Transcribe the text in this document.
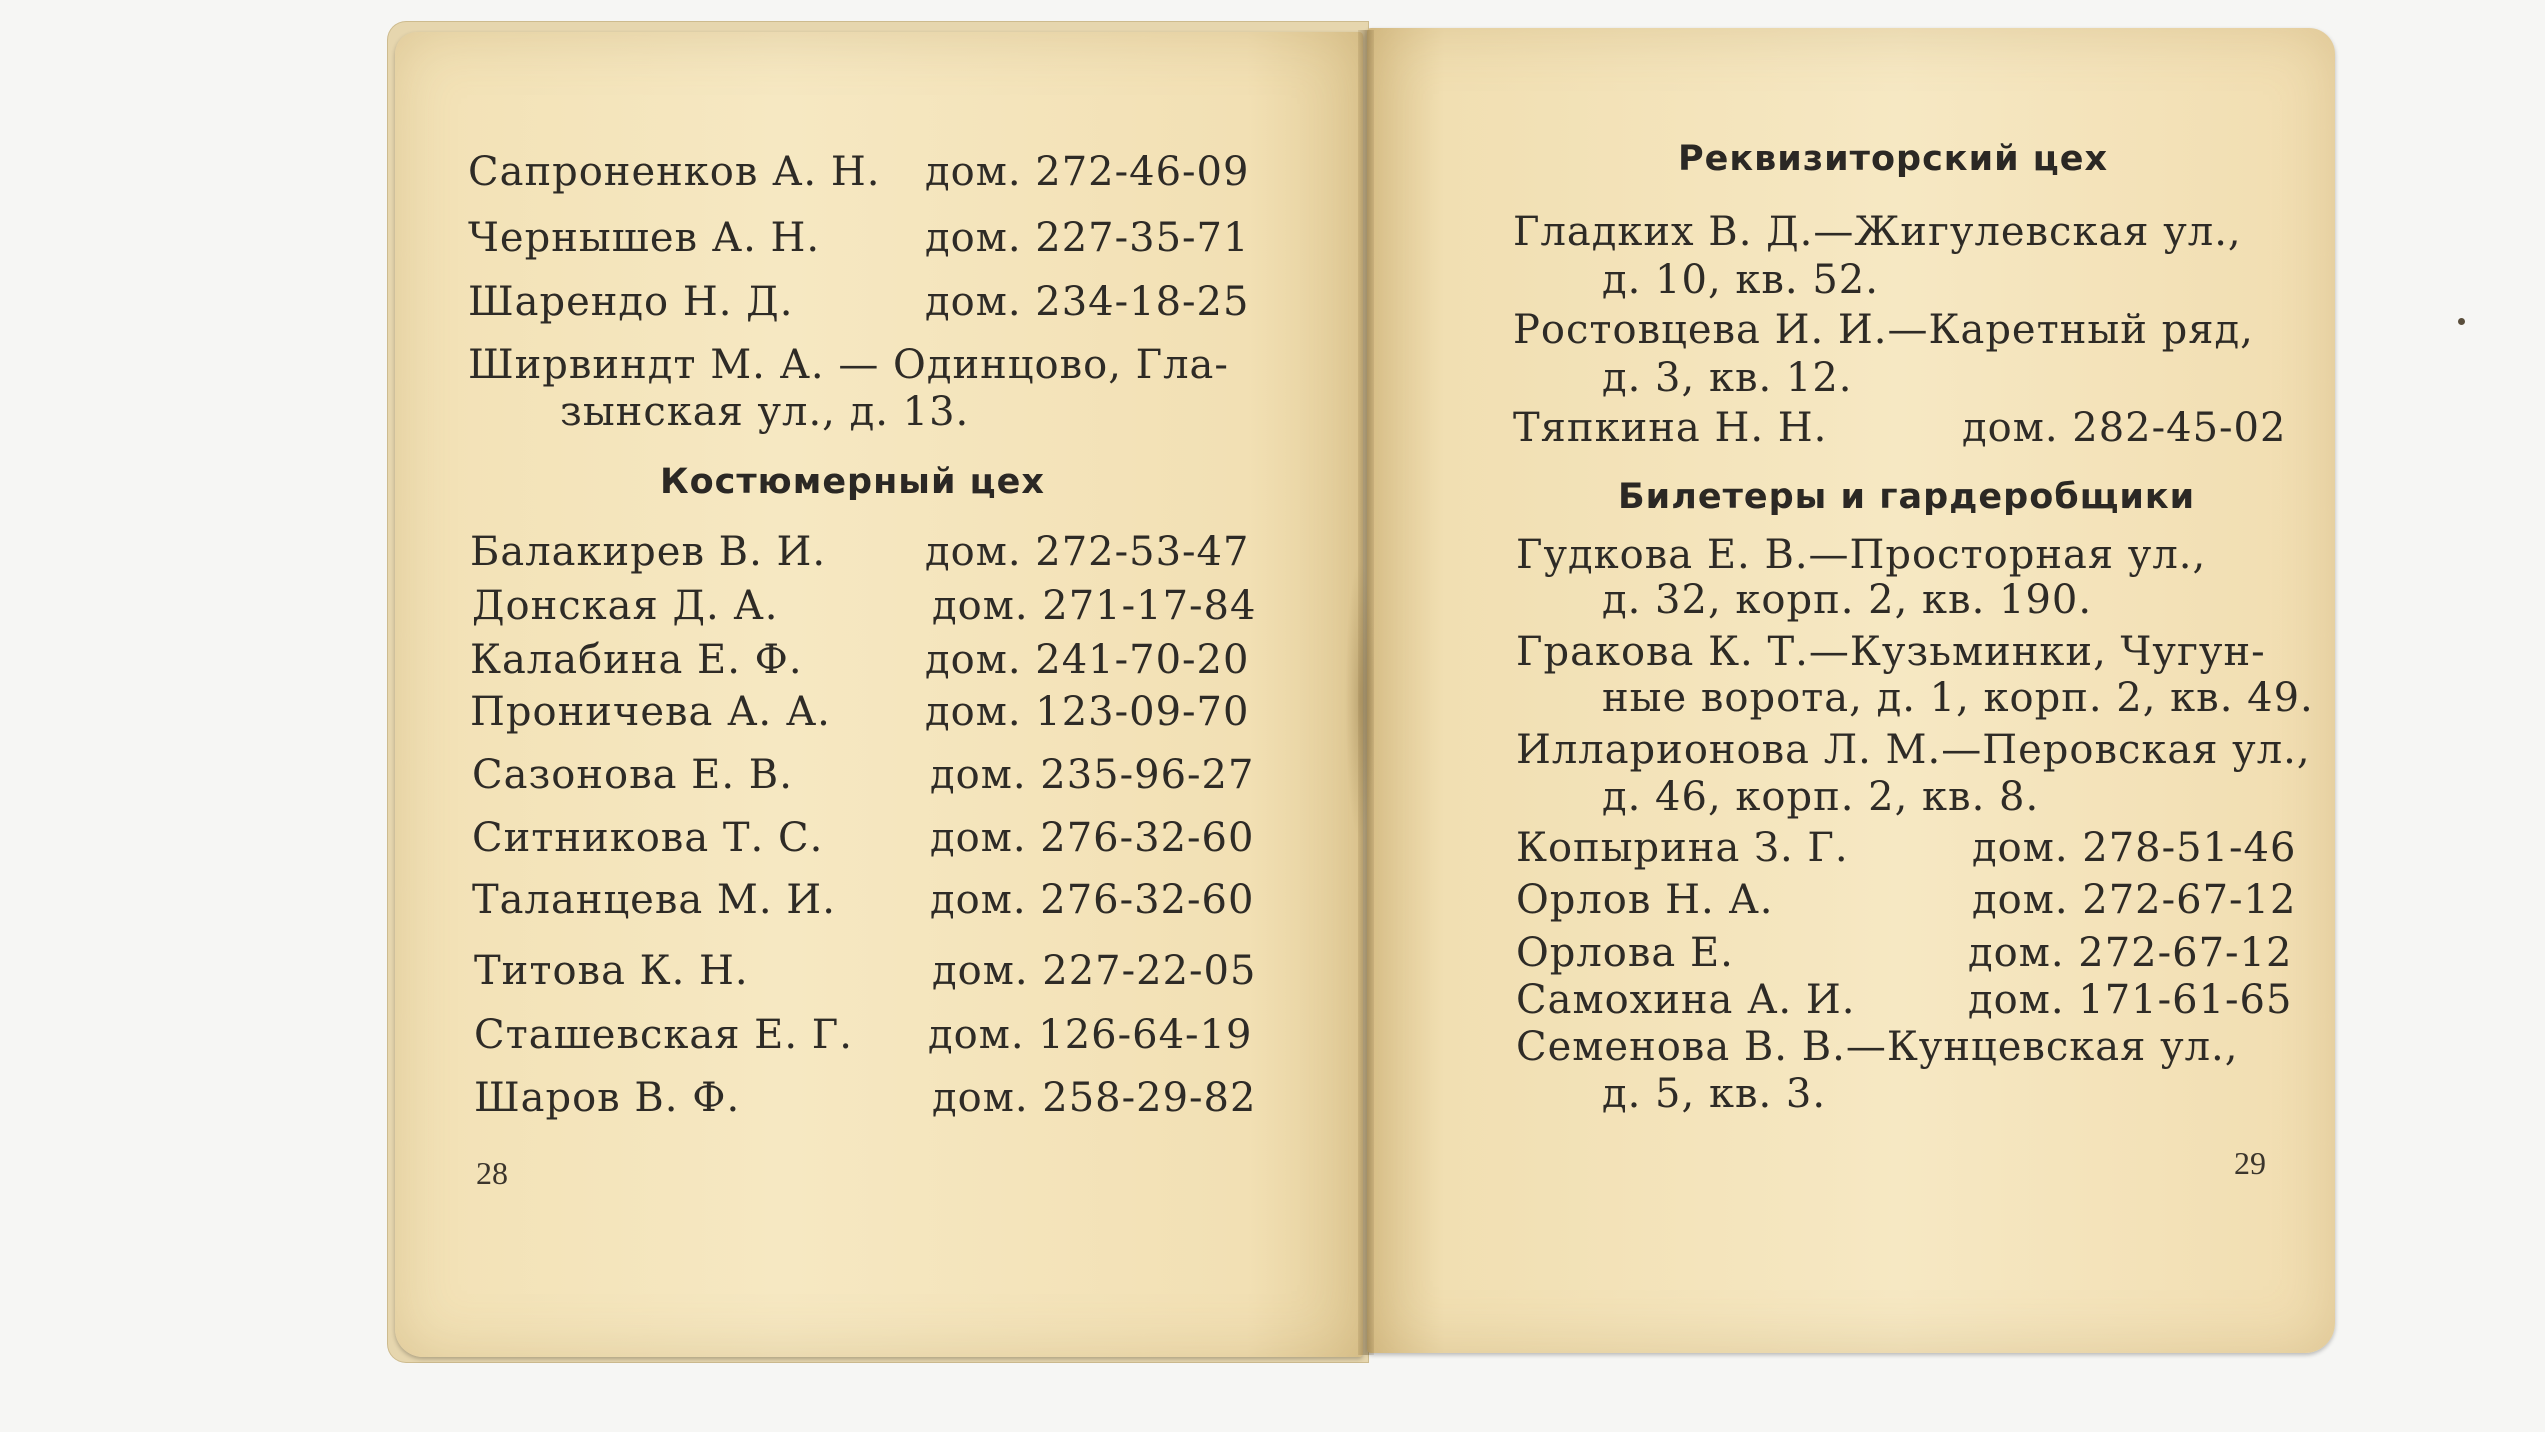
Сапроненков А. Н. дом. 272-46-09
Чернышев А. Н.	дом. 227-35-71
Шарендо Н. Д.	дом. 234-18-25
Ширвиндт М. А. — Одинцово, Гла-
зынская ул., д. 13.
Костюмерный цех
Балакирев В. И. дом. 272-53-47
Донская Д. А.	дом. 271-17-84
Калабина Е. Ф.	дом. 241-70-20
Проничева А. А. дом. 123-09-70
Сазонова Е. В.	дом. 235-96-27
Ситникова Т. С.	дом. 276-32-60
Таланцева М. И. дом. 276-32-60
Титова К. Н.	дом. 227-22-05
Сташевская Е. Г. дом. 126-64-19
Шаров В. Ф.	дом. 258-29-82
28
Реквизиторский цех
Гладких В. Д.—Жигулевская ул.,
д. 10, кв. 52.
Ростовцева И. И.—Каретный ряд,
д. 3, кв. 12.
Тяпкина Н. Н.	дом. 282-45-02
Билетеры и гардеробщики
Гудкова Е. В.—Просторная ул.,
д. 32, корп. 2, кв. 190.
Гракова К. Т.—Кузьминки, Чугун-
ные ворота, д. 1, корп. 2, кв. 49.
Илларионова Л. М.—Перовская ул.,
д. 46, корп. 2, кв. 8.
Копырина З. Г.	дом. 278-51-46
Орлов Н. А.	дом. 272-67-12
Орлова Е.	дом. 272-67-12
Самохина А. И.	дом. 171-61-65
Семенова В. В.—Кунцевская ул.,
д. 5, кв. 3.
29
